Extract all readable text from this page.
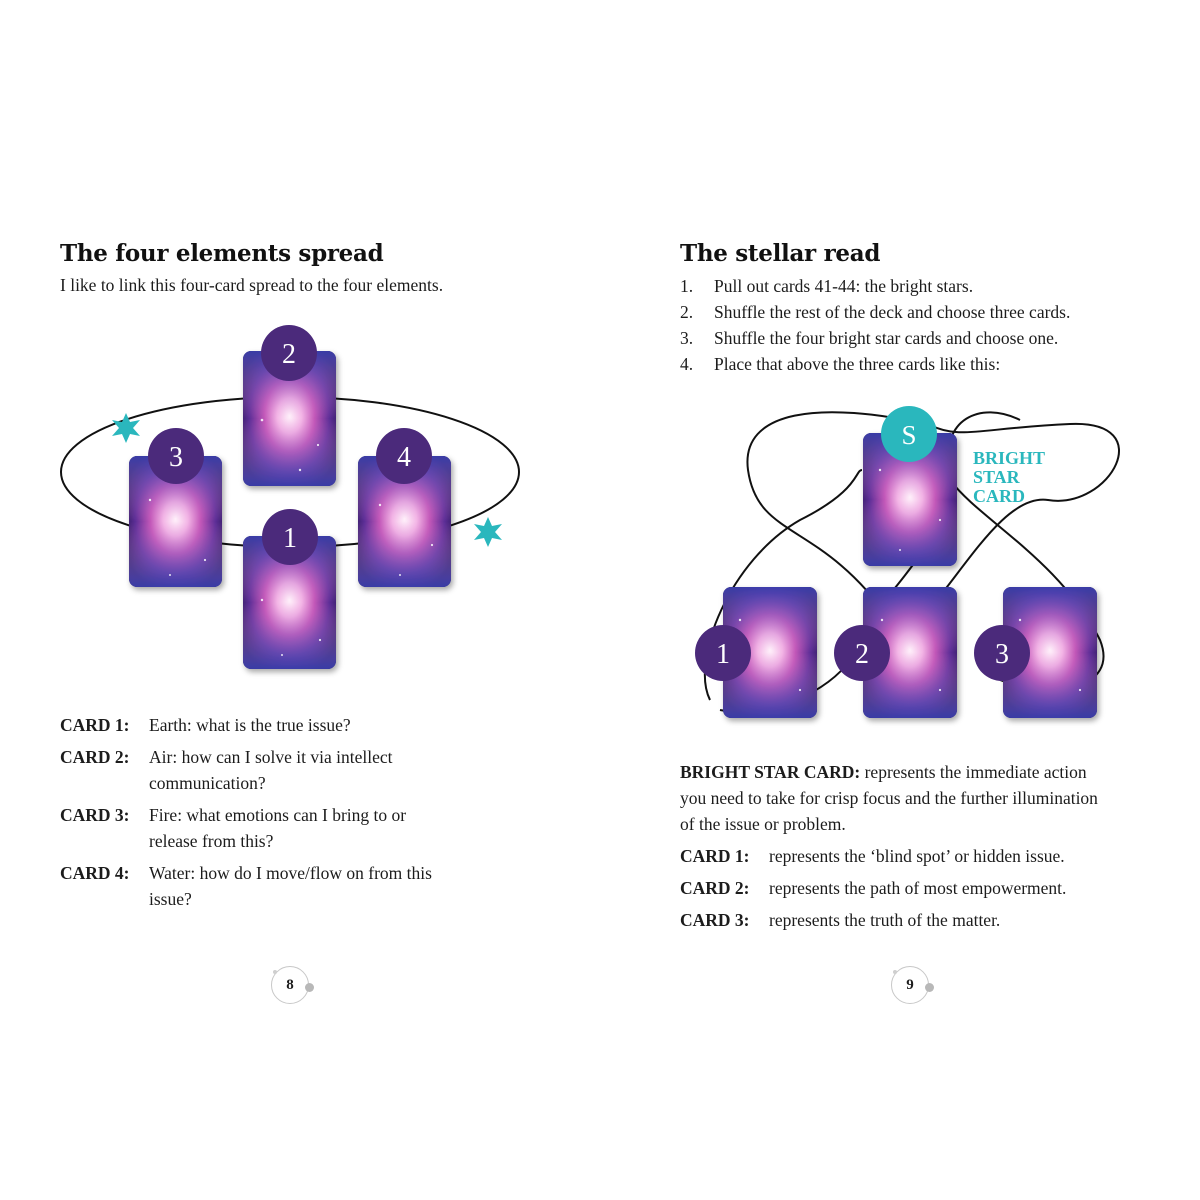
The four elements spread

I like to link this four-card spread to the four elements.

2
3	4
1
CARD 1:	Earth: what is the true issue?
CARD 2:	Air: how can I solve it via intellect communication?
CARD 3:	Fire: what emotions can I bring to or release from this?
CARD 4:	Water: how do I move/flow on from this issue?
8
The stellar read
1. Pull out cards 41-44: the bright stars.
2. Shuffle the rest of the deck and choose three cards.
3. Shuffle the four bright star cards and choose one.
4. Place that above the three cards like this:
S
BRIGHT
STAR
CARD
1	2	3

BRIGHT STAR CARD: represents the immediate action you need to take for crisp focus and the further illumination of the issue or problem.

CARD 1:	represents the ‘blind spot’ or hidden issue.
CARD 2:	represents the path of most empowerment.
CARD 3:	represents the truth of the matter.
9
